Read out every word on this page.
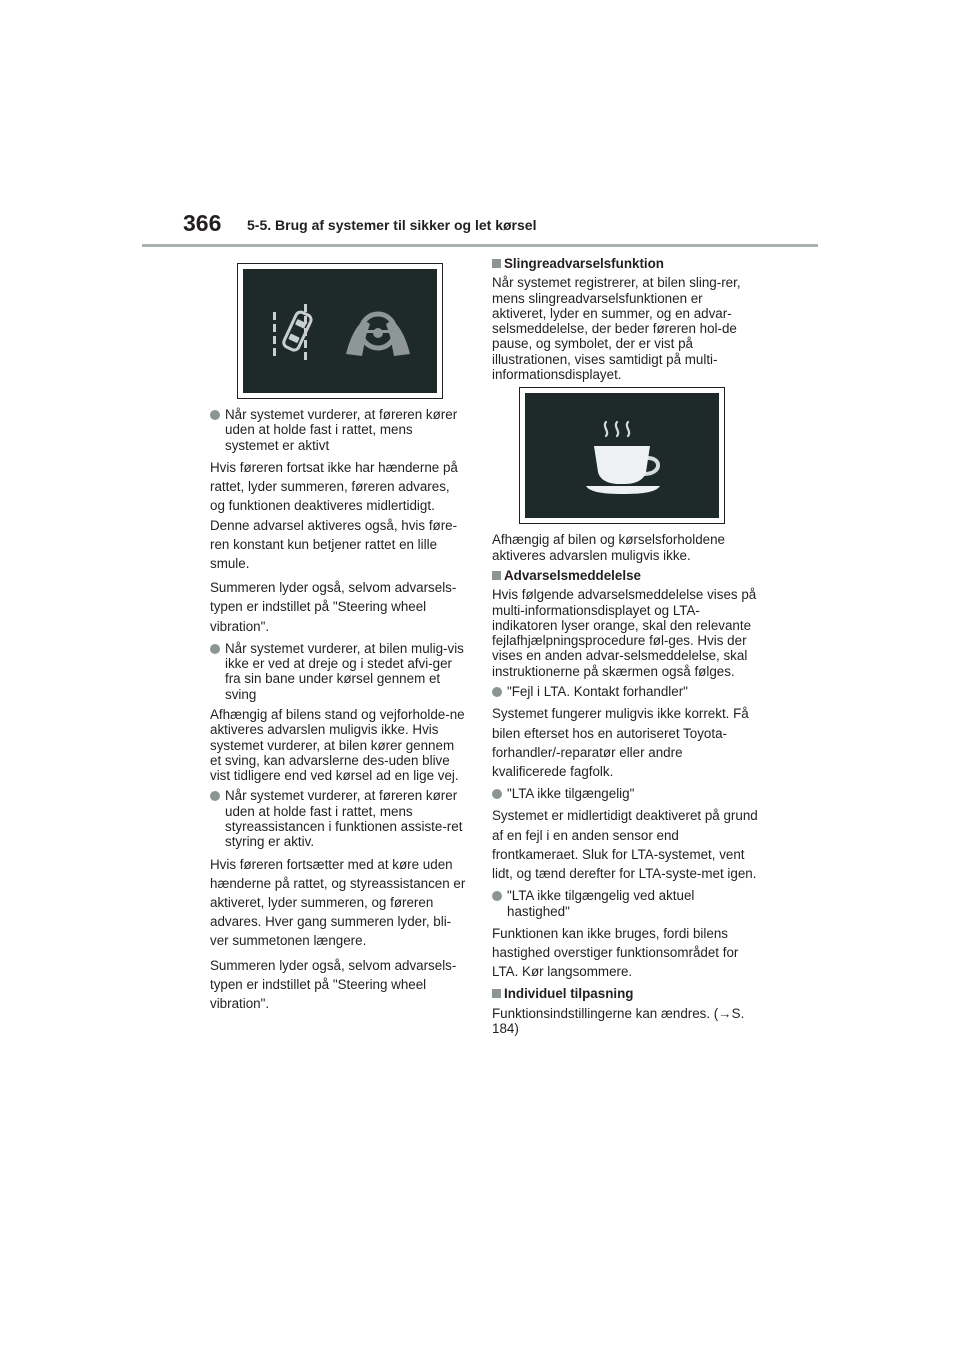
366 5-5. Brug af systemer til sikker og let kørsel
Når systemet vurderer, at føreren kører uden at holde fast i rattet, mens systemet er aktivt
Hvis føreren fortsat ikke har hænderne på rattet, lyder summeren, føreren advares, og funktionen deaktiveres midlertidigt. Denne advarsel aktiveres også, hvis føre-ren konstant kun betjener rattet en lille smule.
Summeren lyder også, selvom advarsels-typen er indstillet på "Steering wheel vibration".
Når systemet vurderer, at bilen mulig-vis ikke er ved at dreje og i stedet afvi-ger fra sin bane under kørsel gennem et sving
Afhængig af bilens stand og vejforholde-ne aktiveres advarslen muligvis ikke. Hvis systemet vurderer, at bilen kører gennem et sving, kan advarslerne des-uden blive vist tidligere end ved kørsel ad en lige vej.
Når systemet vurderer, at føreren kører uden at holde fast i rattet, mens styreassistancen i funktionen assiste-ret styring er aktiv.
Hvis føreren fortsætter med at køre uden hænderne på rattet, og styreassistancen er aktiveret, lyder summeren, og føreren advares. Hver gang summeren lyder, bli-ver summetonen længere.
Summeren lyder også, selvom advarsels-typen er indstillet på "Steering wheel vibration".
Slingreadvarselsfunktion
Når systemet registrerer, at bilen sling-rer, mens slingreadvarselsfunktionen er aktiveret, lyder en summer, og en advar-selsmeddelelse, der beder føreren hol-de pause, og symbolet, der er vist på illustrationen, vises samtidigt på multi-informationsdisplayet.
Afhængig af bilen og kørselsforholdene aktiveres advarslen muligvis ikke.
Advarselsmeddelelse
Hvis følgende advarselsmeddelelse vises på multi-informationsdisplayet og LTA-indikatoren lyser orange, skal den relevante fejlafhjælpningsprocedure føl-ges. Hvis der vises en anden advar-selsmeddelelse, skal instruktionerne på skærmen også følges.
"Fejl i LTA. Kontakt forhandler"
Systemet fungerer muligvis ikke korrekt. Få bilen efterset hos en autoriseret Toyota-forhandler/-reparatør eller andre kvalificerede fagfolk.
"LTA ikke tilgængelig"
Systemet er midlertidigt deaktiveret på grund af en fejl i en anden sensor end frontkameraet. Sluk for LTA-systemet, vent lidt, og tænd derefter for LTA-syste-met igen.
"LTA ikke tilgængelig ved aktuel hastighed"
Funktionen kan ikke bruges, fordi bilens hastighed overstiger funktionsområdet for LTA. Kør langsommere.
Individuel tilpasning
Funktionsindstillingerne kan ændres. (→S. 184)
